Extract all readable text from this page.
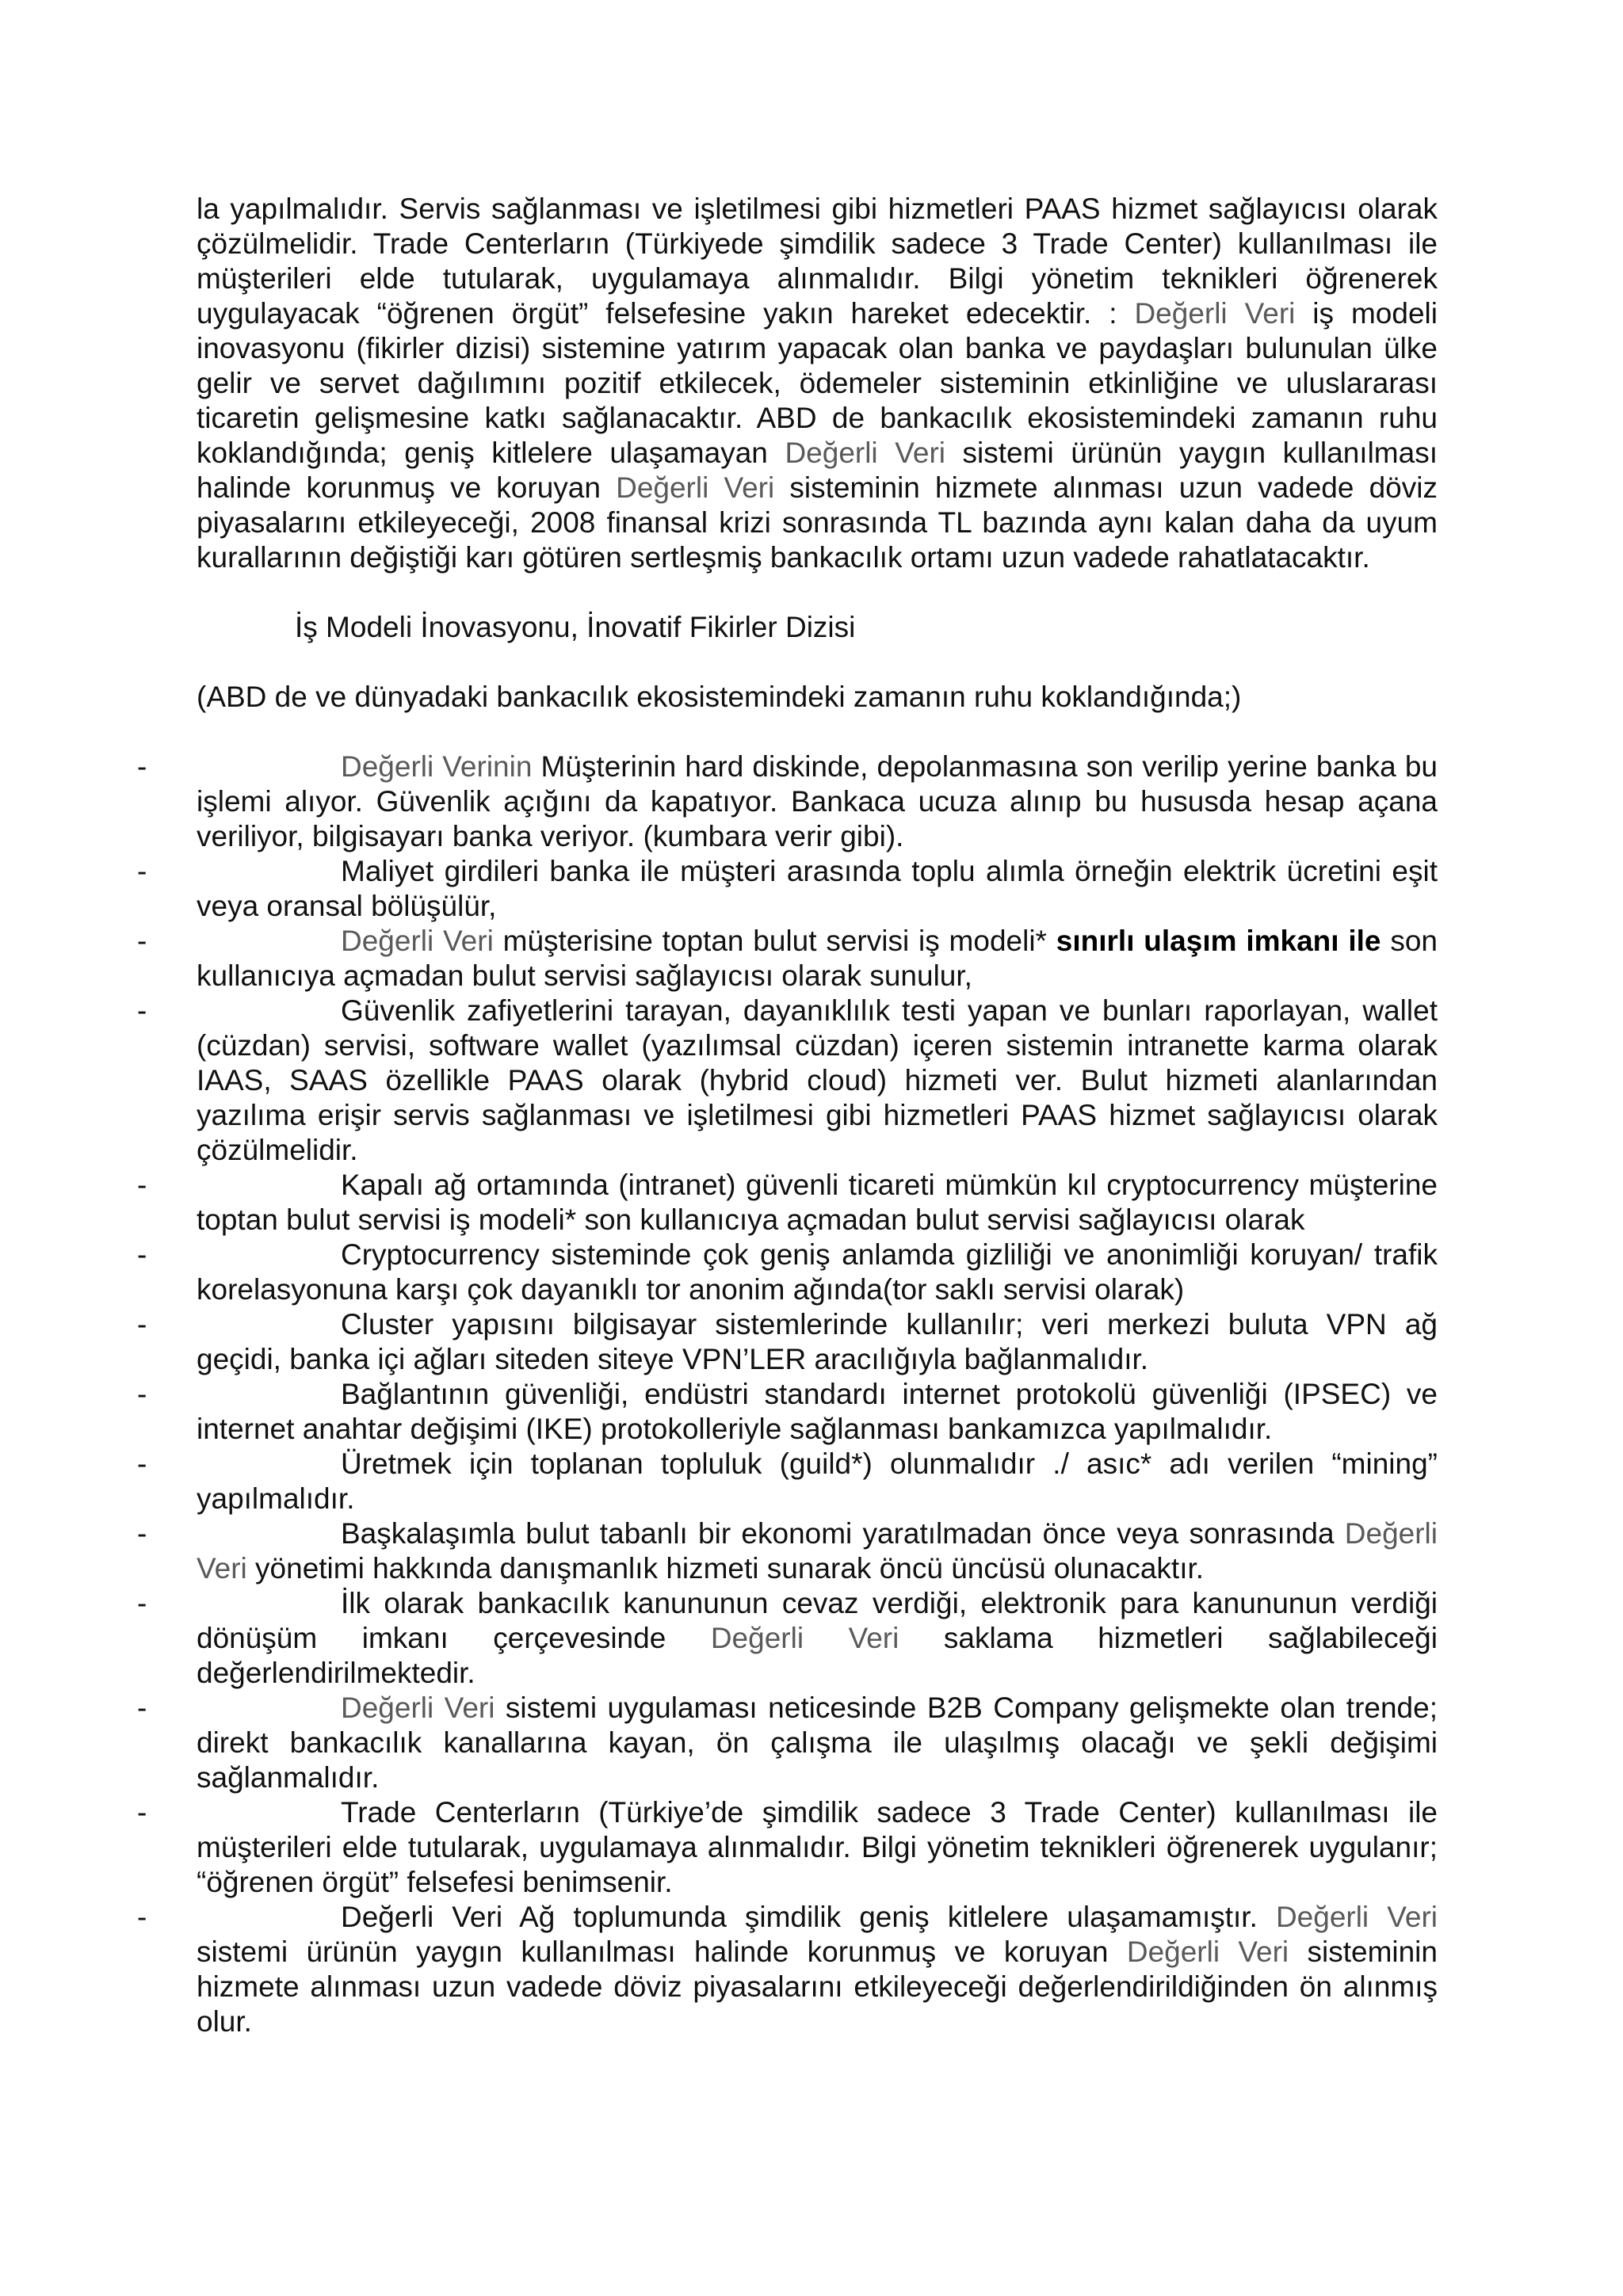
la yapılmalıdır. Servis sağlanması ve işletilmesi gibi hizmetleri PAAS hizmet sağlayıcısı olarak çözülmelidir. Trade Centerların (Türkiyede şimdilik sadece 3 Trade Center) kullanılması ile müşterileri elde tutularak, uygulamaya alınmalıdır. Bilgi yönetim teknikleri öğrenerek uygulayacak “öğrenen örgüt” felsefesine yakın hareket edecektir. : Değerli Veri iş modeli inovasyonu (fikirler dizisi) sistemine yatırım yapacak olan banka ve paydaşları bulunulan ülke gelir ve servet dağılımını pozitif etkilecek, ödemeler sisteminin etkinliğine ve uluslararası ticaretin gelişmesine katkı sağlanacaktır. ABD de bankacılık ekosistemindeki zamanın ruhu koklandığında; geniş kitlelere ulaşamayan Değerli Veri sistemi ürünün yaygın kullanılması halinde korunmuş ve koruyan Değerli Veri sisteminin hizmete alınması uzun vadede döviz piyasalarını etkileyeceği, 2008 finansal krizi sonrasında TL bazında aynı kalan daha da uyum kurallarının değiştiği karı götüren sertleşmiş bankacılık ortamı uzun vadede rahatlatacaktır.

İş Modeli İnovasyonu, İnovatif Fikirler Dizisi
(ABD de ve dünyadaki bankacılık ekosistemindeki zamanın ruhu koklandığında;)
-	Değerli Verinin Müşterinin hard diskinde, depolanmasına son verilip yerine banka bu işlemi alıyor. Güvenlik açığını da kapatıyor. Bankaca ucuza alınıp bu hususda hesap açana veriliyor, bilgisayarı banka veriyor. (kumbara verir gibi).
-	Maliyet girdileri banka ile müşteri arasında toplu alımla örneğin elektrik ücretini eşit veya oransal bölüşülür,
-	Değerli Veri müşterisine toptan bulut servisi iş modeli* sınırlı ulaşım imkanı ile son kullanıcıya açmadan bulut servisi sağlayıcısı olarak sunulur,
-	Güvenlik zafiyetlerini tarayan, dayanıklılık testi yapan ve bunları raporlayan, wallet (cüzdan) servisi, software wallet (yazılımsal cüzdan) içeren sistemin intranette karma olarak IAAS, SAAS özellikle PAAS olarak (hybrid cloud) hizmeti ver. Bulut hizmeti alanlarından yazılıma erişir servis sağlanması ve işletilmesi gibi hizmetleri PAAS hizmet sağlayıcısı olarak çözülmelidir.
-	Kapalı ağ ortamında (intranet) güvenli ticareti mümkün kıl cryptocurrency müşterine toptan bulut servisi iş modeli* son kullanıcıya açmadan bulut servisi sağlayıcısı olarak
-	Cryptocurrency sisteminde çok geniş anlamda gizliliği ve anonimliği koruyan/ trafik korelasyonuna karşı çok dayanıklı tor anonim ağında(tor saklı servisi olarak)
-	Cluster yapısını bilgisayar sistemlerinde kullanılır; veri merkezi buluta VPN ağ geçidi, banka içi ağları siteden siteye VPN’LER aracılığıyla bağlanmalıdır.
-	Bağlantının güvenliği, endüstri standardı internet protokolü güvenliği (IPSEC) ve internet anahtar değişimi (IKE) protokolleriyle sağlanması bankamızca yapılmalıdır.
-	Üretmek için toplanan topluluk (guild*) olunmalıdır ./ asıc* adı verilen “mining” yapılmalıdır.
-	Başkalaşımla bulut tabanlı bir ekonomi yaratılmadan önce veya sonrasında Değerli Veri yönetimi hakkında danışmanlık hizmeti sunarak öncü üncüsü olunacaktır.
-	İlk olarak bankacılık kanununun cevaz verdiği, elektronik para kanununun verdiği dönüşüm imkanı çerçevesinde Değerli Veri saklama hizmetleri sağlabileceği değerlendirilmektedir.
-	Değerli Veri sistemi uygulaması neticesinde B2B Company gelişmekte olan trende; direkt bankacılık kanallarına kayan, ön çalışma ile ulaşılmış olacağı ve şekli değişimi sağlanmalıdır.
-	Trade Centerların (Türkiye’de şimdilik sadece 3 Trade Center) kullanılması ile müşterileri elde tutularak, uygulamaya alınmalıdır. Bilgi yönetim teknikleri öğrenerek uygulanır; “öğrenen örgüt” felsefesi benimsenir.
-	Değerli Veri Ağ toplumunda şimdilik geniş kitlelere ulaşamamıştır. Değerli Veri sistemi ürünün yaygın kullanılması halinde korunmuş ve koruyan Değerli Veri sisteminin hizmete alınması uzun vadede döviz piyasalarını etkileyeceği değerlendirildiğinden ön alınmış olur.
